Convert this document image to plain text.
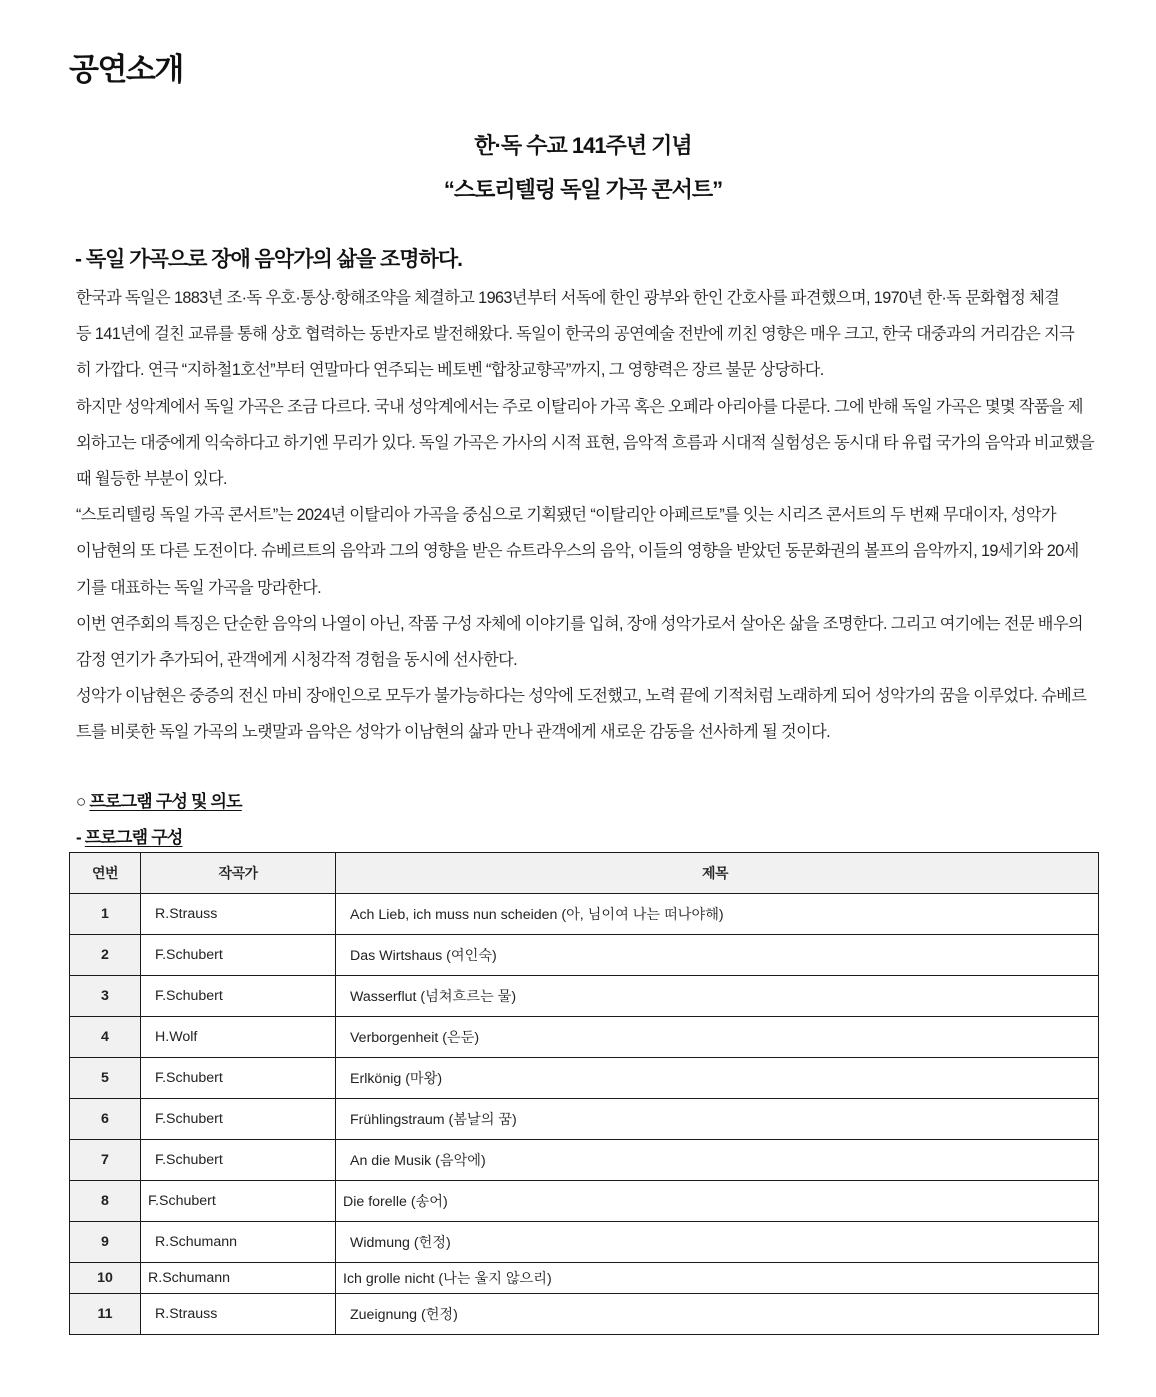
공연소개
한·독 수교 141주년 기념
“스토리텔링 독일 가곡 콘서트”
- 독일 가곡으로 장애 음악가의 삶을 조명하다.

한국과 독일은 1883년 조·독 우호·통상·항해조약을 체결하고 1963년부터 서독에 한인 광부와 한인 간호사를 파견했으며, 1970년 한·독 문화협정 체결

등 141년에 걸친 교류를 통해 상호 협력하는 동반자로 발전해왔다. 독일이 한국의 공연예술 전반에 끼친 영향은 매우 크고, 한국 대중과의 거리감은 지극

히 가깝다. 연극 “지하철1호선”부터 연말마다 연주되는 베토벤 “합창교향곡”까지, 그 영향력은 장르 불문 상당하다.

하지만 성악계에서 독일 가곡은 조금 다르다. 국내 성악계에서는 주로 이탈리아 가곡 혹은 오페라 아리아를 다룬다. 그에 반해 독일 가곡은 몇몇 작품을 제

외하고는 대중에게 익숙하다고 하기엔 무리가 있다. 독일 가곡은 가사의 시적 표현, 음악적 흐름과 시대적 실험성은 동시대 타 유럽 국가의 음악과 비교했을

때 월등한 부분이 있다.

“스토리텔링 독일 가곡 콘서트”는 2024년 이탈리아 가곡을 중심으로 기획됐던 “이탈리안 아페르토”를 잇는 시리즈 콘서트의 두 번째 무대이자, 성악가

이남현의 또 다른 도전이다. 슈베르트의 음악과 그의 영향을 받은 슈트라우스의 음악, 이들의 영향을 받았던 동문화권의 볼프의 음악까지, 19세기와 20세

기를 대표하는 독일 가곡을 망라한다.

이번 연주회의 특징은 단순한 음악의 나열이 아닌, 작품 구성 자체에 이야기를 입혀, 장애 성악가로서 살아온 삶을 조명한다. 그리고 여기에는 전문 배우의

감정 연기가 추가되어, 관객에게 시청각적 경험을 동시에 선사한다.

성악가 이남현은 중증의 전신 마비 장애인으로 모두가 불가능하다는 성악에 도전했고, 노력 끝에 기적처럼 노래하게 되어 성악가의 꿈을 이루었다. 슈베르

트를 비롯한 독일 가곡의 노랫말과 음악은 성악가 이남현의 삶과 만나 관객에게 새로운 감동을 선사하게 될 것이다.

○ 프로그램 구성 및 의도
- 프로그램 구성
연번	작곡가	제목
1	R.Strauss	Ach Lieb, ich muss nun scheiden (아, 님이여 나는 떠나야해)
2	F.Schubert	Das Wirtshaus (여인숙)
3	F.Schubert	Wasserflut (넘쳐흐르는 물)
4	H.Wolf	Verborgenheit (은둔)
5	F.Schubert	Erlkönig (마왕)
6	F.Schubert	Frühlingstraum (봄날의 꿈)
7	F.Schubert	An die Musik (음악에)
8	F.Schubert	Die forelle (송어)
9	R.Schumann	Widmung (헌정)
10	R.Schumann	Ich grolle nicht (나는 울지 않으리)
11	R.Strauss	Zueignung (헌정)
